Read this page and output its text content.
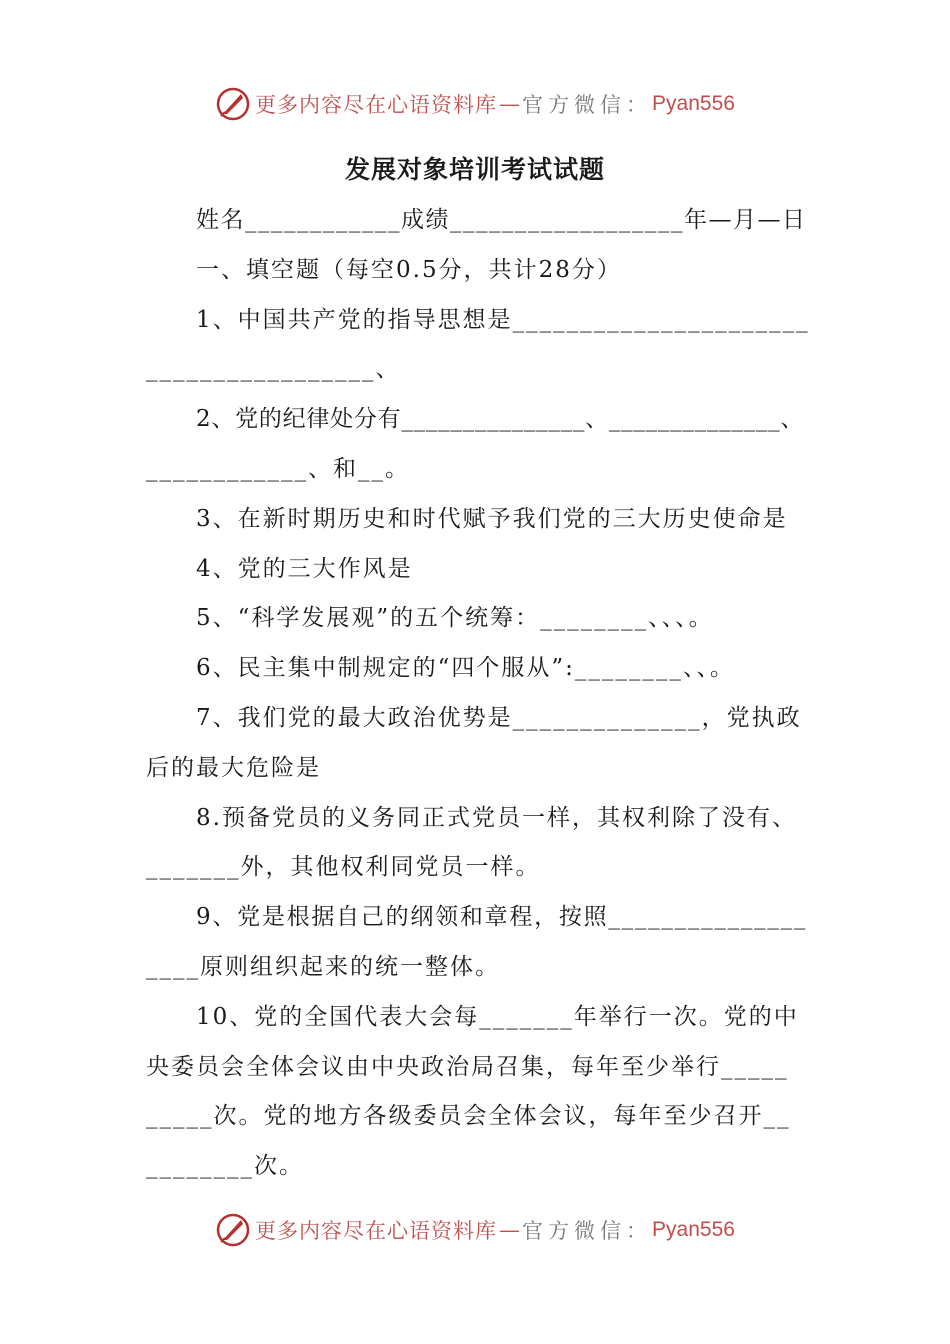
更多内容尽在心语资料库 — 官方微信： Pyan556
发展对象培训考试试题
姓名____________成绩__________________年—月—日
一、填空题（每空0.5分，共计28分）
1、中国共产党的指导思想是______________________
_________________、
2、党的纪律处分有_______________、______________、
____________、和__。
3、在新时期历史和时代赋予我们党的三大历史使命是
4、党的三大作风是
5、“科学发展观”的五个统筹：________、、、。
6、民主集中制规定的“四个服从”:________、、。
7、我们党的最大政治优势是______________，党执政
后的最大危险是
8.预备党员的义务同正式党员一样，其权利除了没有、
_______外，其他权利同党员一样。
9、党是根据自己的纲领和章程，按照_______________
____原则组织起来的统一整体。
10、党的全国代表大会每_______年举行一次。党的中
央委员会全体会议由中央政治局召集，每年至少举行_____
_____次。党的地方各级委员会全体会议，每年至少召开__
________次。
更多内容尽在心语资料库 — 官方微信： Pyan556
